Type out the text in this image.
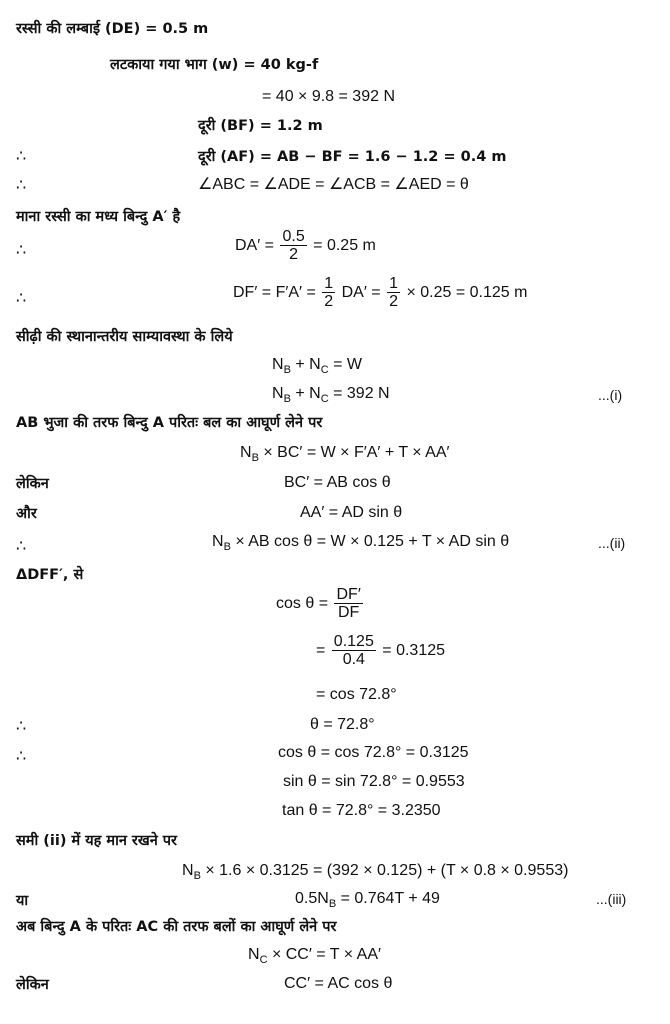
रस्सी की लम्बाई (DE) = 0.5 m
लटकाया गया भाग (w) = 40 kg-f
= 40 × 9.8 = 392 N
दूरी (BF) = 1.2 m
∴	दूरी (AF) = AB − BF = 1.6 − 1.2 = 0.4 m
∴	∠ABC = ∠ADE = ∠ACB = ∠AED = θ
माना रस्सी का मध्य बिन्दु A′ है
∴	$DA' = \frac{0.5}{2} = 0.25$ m
∴	$DF' = F'A' = \frac{1}{2} DA' = \frac{1}{2} \times 0.25 = 0.125$ m
सीढ़ी की स्थानान्तरीय साम्यावस्था के लिये
$N_B + N_C = W$
$N_B + N_C = 392$ N	...(i)
AB भुजा की तरफ बिन्दु A परितः बल का आघूर्ण लेने पर
$N_B \times BC' = W \times F'A' + T \times AA'$
लेकिन	BC′ = AB cos θ
और	AA′ = AD sin θ
∴	$N_B$ × AB cos θ = W × 0.125 + T × AD sin θ	...(ii)
ΔDFF′, से
$\cos \theta = \frac{DF'}{DF}$
= $\frac{0.125}{0.4} = 0.3125$
= cos 72.8°
∴	θ = 72.8°
∴	cos θ = cos 72.8° = 0.3125
sin θ = sin 72.8° = 0.9553
tan θ = 72.8° = 3.2350
समी (ii) में यह मान रखने पर
$N_B \times 1.6 \times 0.3125 = (392 \times 0.125) + (T \times 0.8 \times 0.9553)$
या	$0.5N_B = 0.764T + 49$	...(iii)
अब बिन्दु A के परितः AC की तरफ बलों का आघूर्ण लेने पर
$N_C \times CC' = T \times AA'$
लेकिन	CC′ = AC cos θ
